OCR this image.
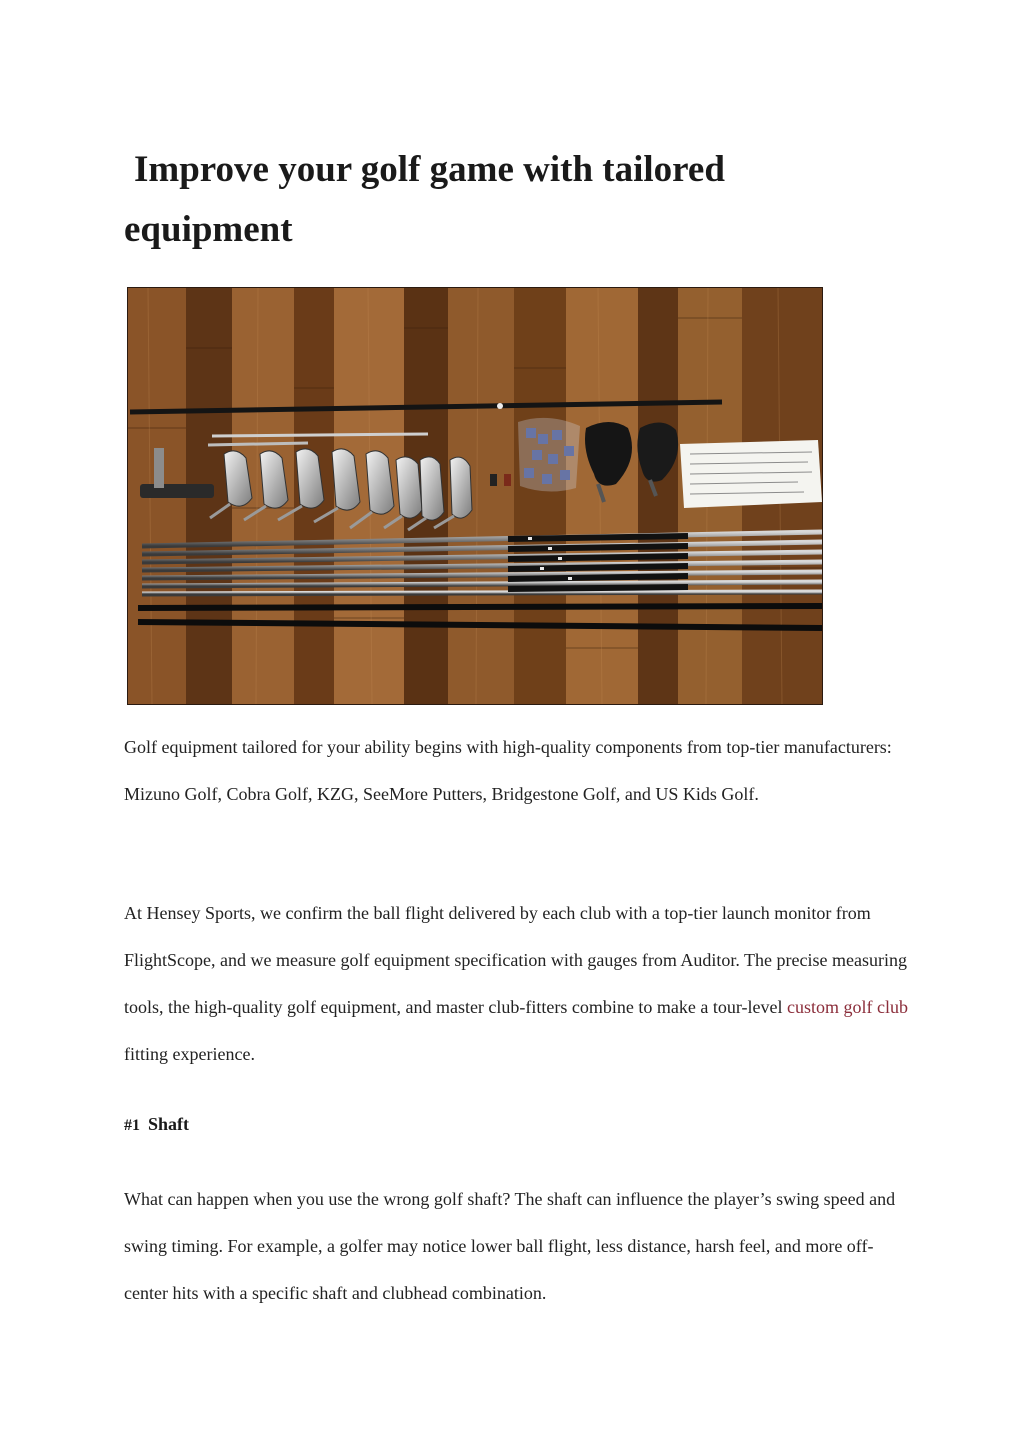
Improve your golf game with tailored
equipment

Golf equipment tailored for your ability begins with high-quality components from top-tier manufacturers: Mizuno Golf, Cobra Golf, KZG, SeeMore Putters, Bridgestone Golf, and US Kids Golf.

At Hensey Sports, we confirm the ball flight delivered by each club with a top-tier launch monitor from FlightScope, and we measure golf equipment specification with gauges from Auditor. The precise measuring tools, the high-quality golf equipment, and master club-fitters combine to make a tour-level custom golf club fitting experience.

#1 Shaft

What can happen when you use the wrong golf shaft? The shaft can influence the player’s swing speed and swing timing. For example, a golfer may notice lower ball flight, less distance, harsh feel, and more off-center hits with a specific shaft and clubhead combination.
